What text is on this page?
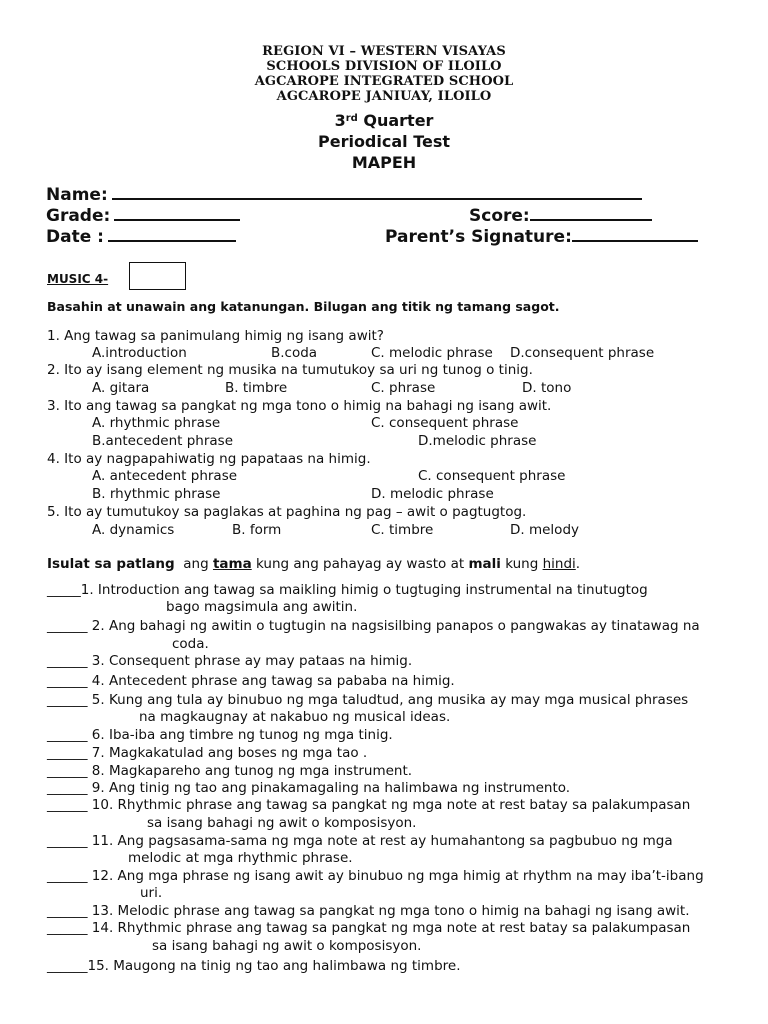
REGION VI – WESTERN VISAYAS
SCHOOLS DIVISION OF ILOILO
AGCAROPE INTEGRATED SCHOOL
AGCAROPE JANIUAY, ILOILO
3rd Quarter
Periodical Test
MAPEH
Name:
Grade:	Score:
Date :	Parent’s Signature:
MUSIC 4-
Basahin at unawain ang katanungan. Bilugan ang titik ng tamang sagot.
1. Ang tawag sa panimulang himig ng isang awit?
A.introduction	B.coda	C. melodic phrase D.consequent phrase
2. Ito ay isang element ng musika na tumutukoy sa uri ng tunog o tinig.
A. gitara	B. timbre	C. phrase	D. tono
3. Ito ang tawag sa pangkat ng mga tono o himig na bahagi ng isang awit.
A. rhythmic phrase	C. consequent phrase
B.antecedent phrase	D.melodic phrase
4. Ito ay nagpapahiwatig ng papataas na himig.
A. antecedent phrase	C. consequent phrase
B. rhythmic phrase	D. melodic phrase
5. Ito ay tumutukoy sa paglakas at paghina ng pag – awit o pagtugtog.
A. dynamics	B. form	C. timbre	D. melody
Isulat sa patlang ang tama kung ang pahayag ay wasto at mali kung hindi.
_____1. Introduction ang tawag sa maikling himig o tugtuging instrumental na tinutugtog
bago magsimula ang awitin.
______ 2. Ang bahagi ng awitin o tugtugin na nagsisilbing panapos o pangwakas ay tinatawag na
coda.
______ 3. Consequent phrase ay may pataas na himig.
______ 4. Antecedent phrase ang tawag sa pababa na himig.
______ 5. Kung ang tula ay binubuo ng mga taludtud, ang musika ay may mga musical phrases
na magkaugnay at nakabuo ng musical ideas.
______ 6. Iba-iba ang timbre ng tunog ng mga tinig.
______ 7. Magkakatulad ang boses ng mga tao .
______ 8. Magkapareho ang tunog ng mga instrument.
______ 9. Ang tinig ng tao ang pinakamagaling na halimbawa ng instrumento.
______ 10. Rhythmic phrase ang tawag sa pangkat ng mga note at rest batay sa palakumpasan
sa isang bahagi ng awit o komposisyon.
______ 11. Ang pagsasama-sama ng mga note at rest ay humahantong sa pagbubuo ng mga
melodic at mga rhythmic phrase.
______ 12. Ang mga phrase ng isang awit ay binubuo ng mga himig at rhythm na may iba’t-ibang
uri.
______ 13. Melodic phrase ang tawag sa pangkat ng mga tono o himig na bahagi ng isang awit.
______ 14. Rhythmic phrase ang tawag sa pangkat ng mga note at rest batay sa palakumpasan
sa isang bahagi ng awit o komposisyon.
______15. Maugong na tinig ng tao ang halimbawa ng timbre.
